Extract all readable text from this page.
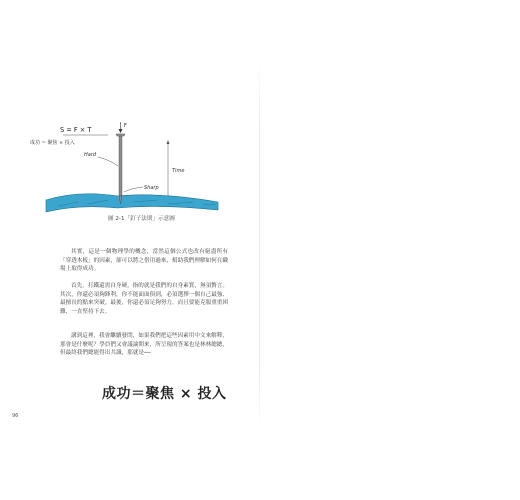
S = F × T
成功 = 聚焦 × 投入
F
Hard
Time
Sharp
圖 2-1「釘子法則」示意圖

其實，這是一個物理學的概念，當然這個公式也改有窮盡所有「穿透木板」的因素，卻可以將之借用過來，幫助我們理解如何在職場上取得成功。

首先，打鐵還需自身硬，指的就是我們的自身素質，無須贅言。其次，你還必須夠鋒利，你不能面面俱到，必須選擇一個自己最強、最擅長的點來突破。最後，你還必須足夠努力，而且要能克服重重困難，一直堅持下去。

講到這裡，我會繼續發問，如果我們把這些因素用中文來解釋，那會是什麼呢？學員們又會議論開來，所呈現的答案也是林林總總，但最終我們總能得出共識，那就是──

成功＝聚焦 × 投入
96
